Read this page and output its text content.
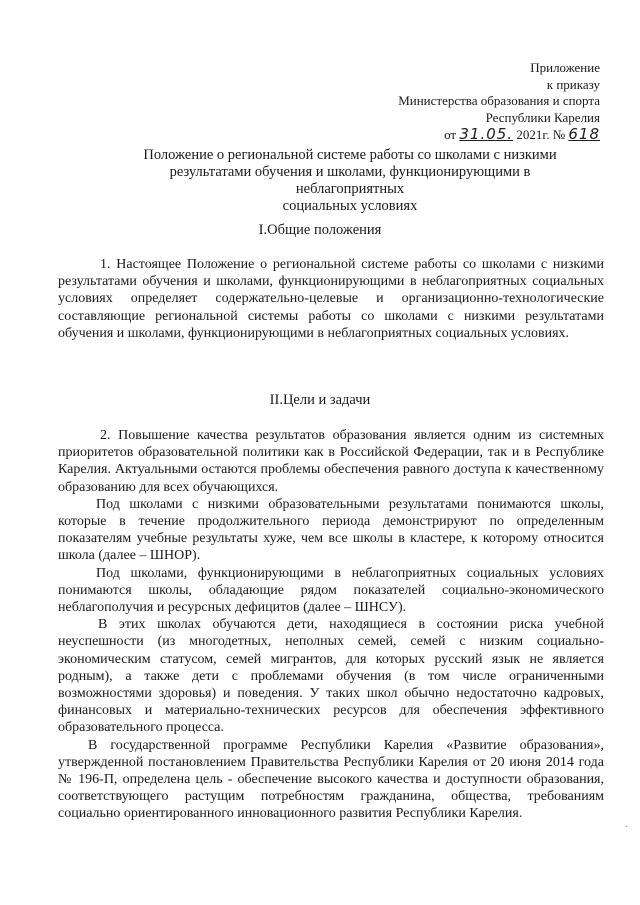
Приложение
к приказу
Министерства образования и спорта
Республики Карелия
от 31.05. 2021г. № 618
Положение о региональной системе работы со школами с низкими
результатами обучения и школами, функционирующими в неблагоприятных
социальных условиях
I.Общие положения

1. Настоящее Положение о региональной системе работы со школами с низкими результатами обучения и школами, функционирующими в неблагоприятных социальных условиях определяет содержательно-целевые и организационно-технологические составляющие региональной системы работы со школами с низкими результатами обучения и школами, функционирующими в неблагоприятных социальных условиях.

II.Цели и задачи

2. Повышение качества результатов образования является одним из системных приоритетов образовательной политики как в Российской Федерации, так и в Республике Карелия. Актуальными остаются проблемы обеспечения равного доступа к качественному образованию для всех обучающихся.

Под школами с низкими образовательными результатами понимаются школы, которые в течение продолжительного периода демонстрируют по определенным показателям учебные результаты хуже, чем все школы в кластере, к которому относится школа (далее – ШНОР).

Под школами, функционирующими в неблагоприятных социальных условиях понимаются школы, обладающие рядом показателей социально-экономического неблагополучия и ресурсных дефицитов (далее – ШНСУ).

В этих школах обучаются дети, находящиеся в состоянии риска учебной неуспешности (из многодетных, неполных семей, семей с низким социально-экономическим статусом, семей мигрантов, для которых русский язык не является родным), а также дети с проблемами обучения (в том числе ограниченными возможностями здоровья) и поведения. У таких школ обычно недостаточно кадровых, финансовых и материально-технических ресурсов для обеспечения эффективного образовательного процесса.

В государственной программе Республики Карелия «Развитие образования», утвержденной постановлением Правительства Республики Карелия от 20 июня 2014 года № 196-П, определена цель - обеспечение высокого качества и доступности образования, соответствующего растущим потребностям гражданина, общества, требованиям социально ориентированного инновационного развития Республики Карелия.

·
